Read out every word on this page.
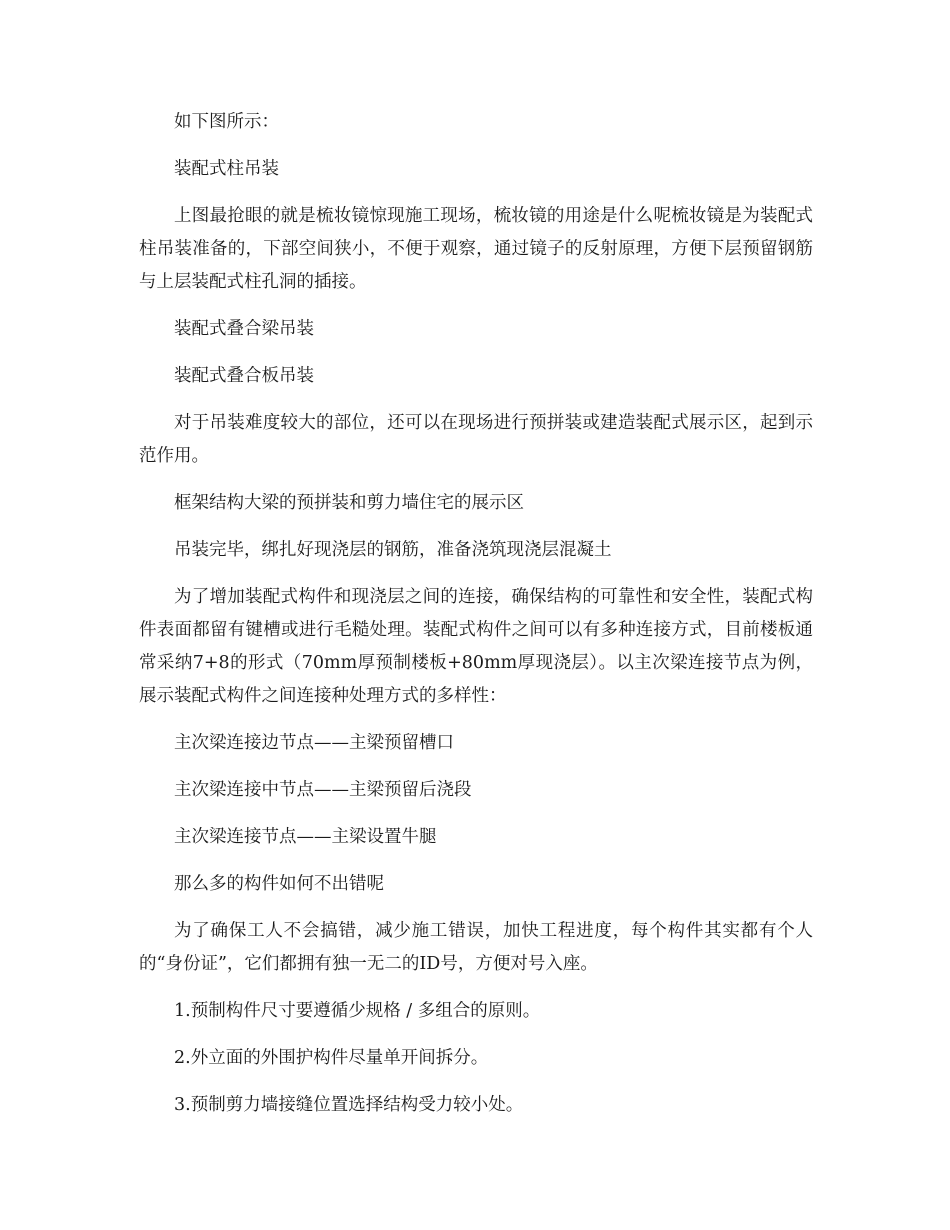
如下图所示：

装配式柱吊装

上图最抢眼的就是梳妆镜惊现施工现场，梳妆镜的用途是什么呢梳妆镜是为装配式柱吊装准备的，下部空间狭小，不便于观察，通过镜子的反射原理，方便下层预留钢筋与上层装配式柱孔洞的插接。

装配式叠合梁吊装

装配式叠合板吊装

对于吊装难度较大的部位，还可以在现场进行预拼装或建造装配式展示区，起到示范作用。

框架结构大梁的预拼装和剪力墙住宅的展示区

吊装完毕，绑扎好现浇层的钢筋，准备浇筑现浇层混凝土

为了增加装配式构件和现浇层之间的连接，确保结构的可靠性和安全性，装配式构件表面都留有键槽或进行毛糙处理。装配式构件之间可以有多种连接方式，目前楼板通常采纳7+8的形式（70mm厚预制楼板+80mm厚现浇层）。以主次梁连接节点为例，展示装配式构件之间连接种处理方式的多样性：

主次梁连接边节点——主梁预留槽口

主次梁连接中节点——主梁预留后浇段

主次梁连接节点——主梁设置牛腿

那么多的构件如何不出错呢

为了确保工人不会搞错，减少施工错误，加快工程进度，每个构件其实都有个人的“身份证”，它们都拥有独一无二的ID号，方便对号入座。

1.预制构件尺寸要遵循少规格 / 多组合的原则。

2.外立面的外围护构件尽量单开间拆分。

3.预制剪力墙接缝位置选择结构受力较小处。
